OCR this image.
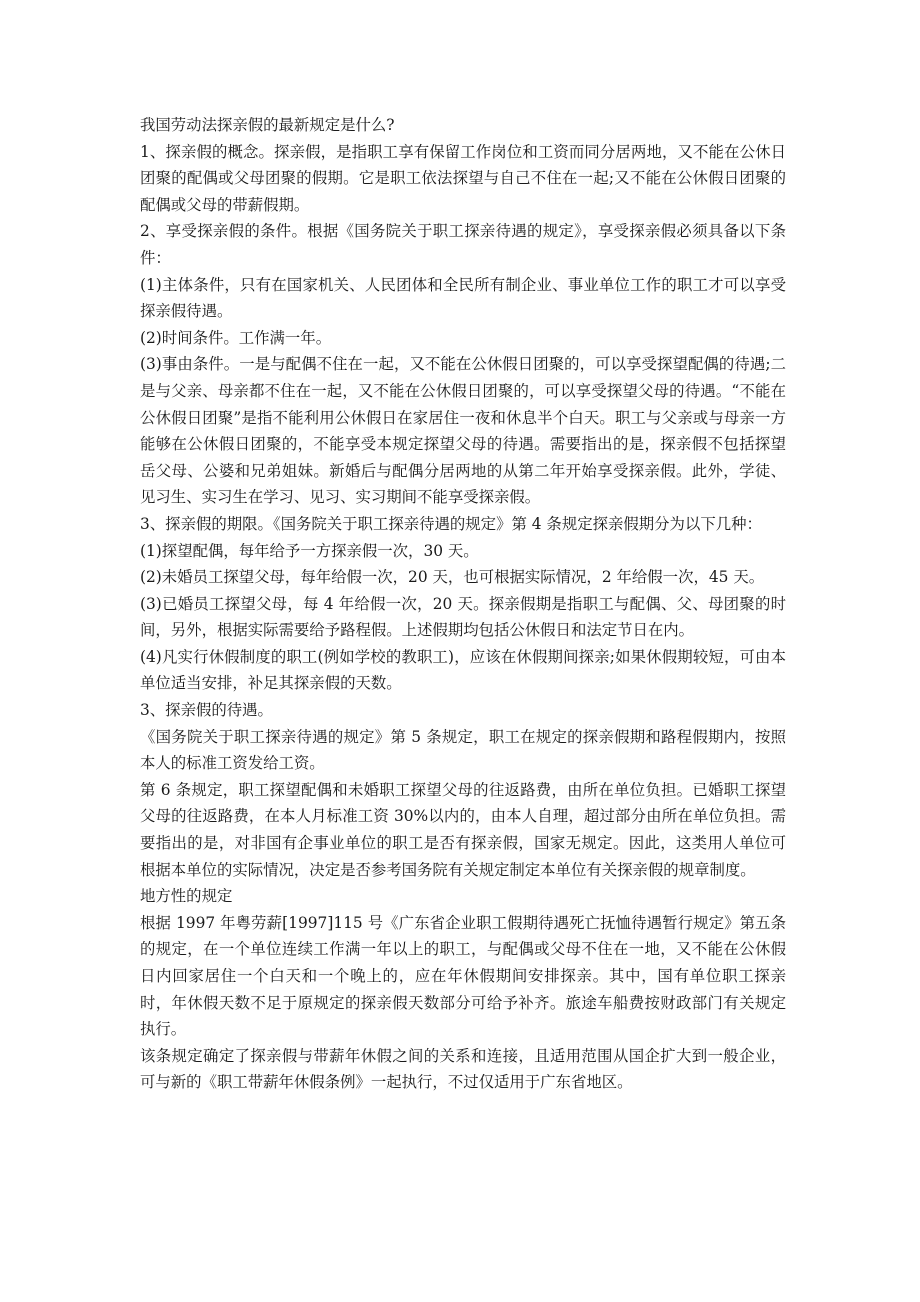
我国劳动法探亲假的最新规定是什么?

1、探亲假的概念。探亲假，是指职工享有保留工作岗位和工资而同分居两地，又不能在公休日团聚的配偶或父母团聚的假期。它是职工依法探望与自己不住在一起;又不能在公休假日团聚的配偶或父母的带薪假期。

2、享受探亲假的条件。根据《国务院关于职工探亲待遇的规定》，享受探亲假必须具备以下条件：

(1)主体条件，只有在国家机关、人民团体和全民所有制企业、事业单位工作的职工才可以享受探亲假待遇。

(2)时间条件。工作满一年。

(3)事由条件。一是与配偶不住在一起，又不能在公休假日团聚的，可以享受探望配偶的待遇;二是与父亲、母亲都不住在一起，又不能在公休假日团聚的，可以享受探望父母的待遇。“不能在公休假日团聚”是指不能利用公休假日在家居住一夜和休息半个白天。职工与父亲或与母亲一方能够在公休假日团聚的，不能享受本规定探望父母的待遇。需要指出的是，探亲假不包括探望岳父母、公婆和兄弟姐妹。新婚后与配偶分居两地的从第二年开始享受探亲假。此外，学徒、见习生、实习生在学习、见习、实习期间不能享受探亲假。

3、探亲假的期限。《国务院关于职工探亲待遇的规定》第 4 条规定探亲假期分为以下几种：

(1)探望配偶，每年给予一方探亲假一次，30 天。

(2)未婚员工探望父母，每年给假一次，20 天，也可根据实际情况，2 年给假一次，45 天。

(3)已婚员工探望父母，每 4 年给假一次，20 天。探亲假期是指职工与配偶、父、母团聚的时间，另外，根据实际需要给予路程假。上述假期均包括公休假日和法定节日在内。

(4)凡实行休假制度的职工(例如学校的教职工)，应该在休假期间探亲;如果休假期较短，可由本单位适当安排，补足其探亲假的天数。

3、探亲假的待遇。

《国务院关于职工探亲待遇的规定》第 5 条规定，职工在规定的探亲假期和路程假期内，按照本人的标准工资发给工资。

第 6 条规定，职工探望配偶和未婚职工探望父母的往返路费，由所在单位负担。已婚职工探望父母的往返路费，在本人月标准工资 30%以内的，由本人自理，超过部分由所在单位负担。需要指出的是，对非国有企事业单位的职工是否有探亲假，国家无规定。因此，这类用人单位可根据本单位的实际情况，决定是否参考国务院有关规定制定本单位有关探亲假的规章制度。

地方性的规定

根据 1997 年粤劳薪[1997]115 号《广东省企业职工假期待遇死亡抚恤待遇暂行规定》第五条的规定，在一个单位连续工作满一年以上的职工，与配偶或父母不住在一地，又不能在公休假日内回家居住一个白天和一个晚上的，应在年休假期间安排探亲。其中，国有单位职工探亲时，年休假天数不足于原规定的探亲假天数部分可给予补齐。旅途车船费按财政部门有关规定执行。

该条规定确定了探亲假与带薪年休假之间的关系和连接，且适用范围从国企扩大到一般企业，可与新的《职工带薪年休假条例》一起执行，不过仅适用于广东省地区。
